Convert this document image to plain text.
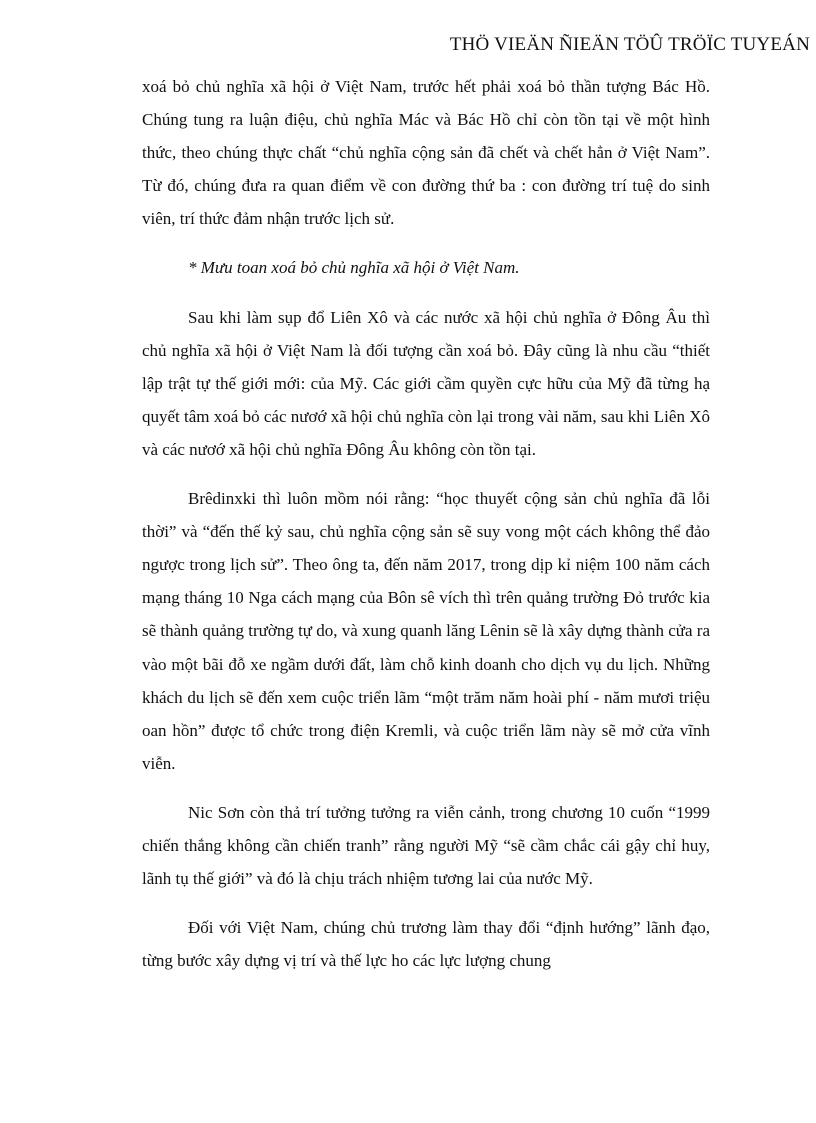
THÖ VIEÄN ÑIEÄN TÖÛ TRÖÏC TUYEÁN

xoá bỏ chủ nghĩa xã hội ở Việt Nam, trước hết phải xoá bỏ thần tượng Bác Hồ. Chúng tung ra luận điệu, chủ nghĩa Mác và Bác Hồ chỉ còn tồn tại về một hình thức, theo chúng thực chất “chủ nghĩa cộng sản đã chết và chết hẳn ở Việt Nam”. Từ đó, chúng đưa ra quan điểm về con đường thứ ba : con đường trí tuệ do sinh viên, trí thức đảm nhận trước lịch sử.

* Mưu toan xoá bỏ chủ nghĩa xã hội ở Việt Nam.

Sau khi làm sụp đổ Liên Xô và các nước xã hội chủ nghĩa ở Đông Âu thì chủ nghĩa xã hội ở Việt Nam là đối tượng cần xoá bỏ. Đây cũng là nhu cầu “thiết lập trật tự thế giới mới: của Mỹ. Các giới cầm quyền cực hữu của Mỹ đã từng hạ quyết tâm xoá bỏ các nươớ xã hội chủ nghĩa còn lại trong vài năm, sau khi Liên Xô và các nươớ xã hội chủ nghĩa Đông Âu không còn tồn tại.

Brêdinxki thì luôn mồm nói rằng: “học thuyết cộng sản chủ nghĩa đã lỗi thời” và “đến thế kỷ sau, chủ nghĩa cộng sản sẽ suy vong một cách không thể đảo ngược trong lịch sử”. Theo ông ta, đến năm 2017, trong dịp kỉ niệm 100 năm cách mạng tháng 10 Nga cách mạng của Bôn sê vích thì trên quảng trường Đỏ trước kia sẽ thành quảng trường tự do, và xung quanh lăng Lênin sẽ là xây dựng thành cửa ra vào một bãi đỗ xe ngầm dưới đất, làm chỗ kinh doanh cho dịch vụ du lịch. Những khách du lịch sẽ đến xem cuộc triển lãm “một trăm năm hoài phí - năm mươi triệu oan hồn” được tổ chức trong điện Kremli, và cuộc triển lãm này sẽ mở cửa vĩnh viễn.

Nic Sơn còn thả trí tưởng tưởng ra viễn cảnh, trong chương 10 cuốn “1999 chiến thắng không cần chiến tranh” rằng người Mỹ “sẽ cầm chắc cái gậy chỉ huy, lãnh tụ thế giới” và đó là chịu trách nhiệm tương lai của nước Mỹ.

Đối với Việt Nam, chúng chủ trương làm thay đổi “định hướng” lãnh đạo, từng bước xây dựng vị trí và thế lực ho các lực lượng chung
